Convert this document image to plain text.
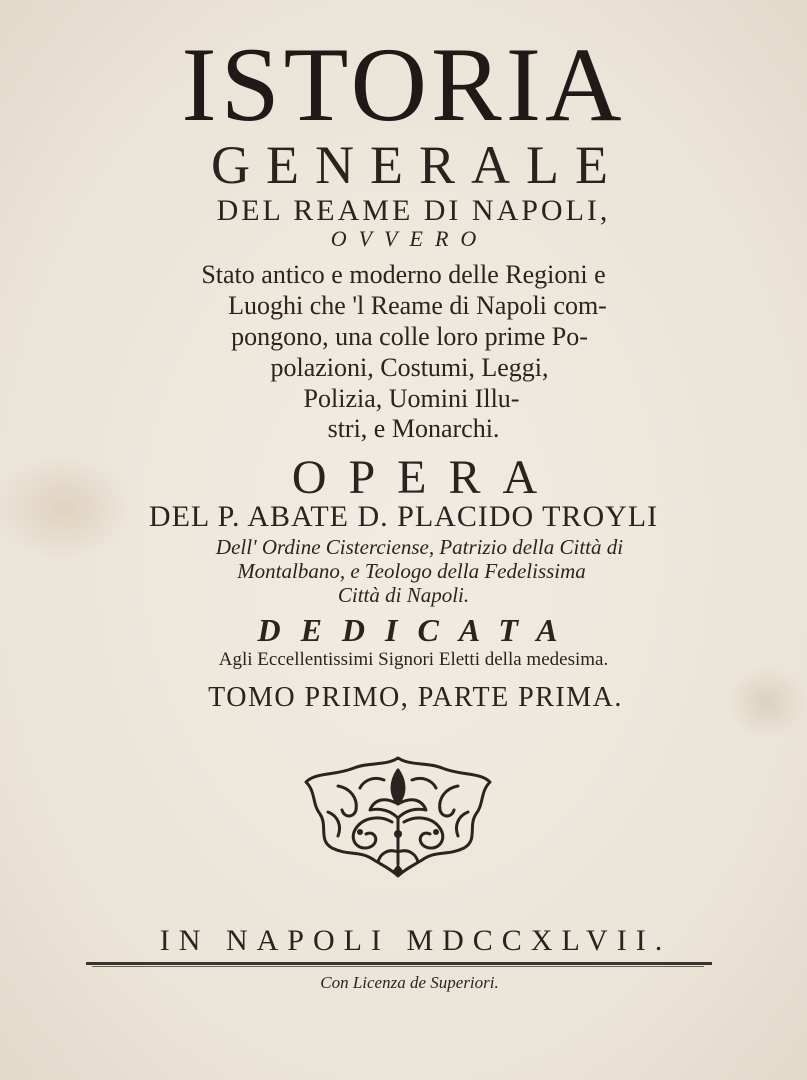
ISTORIA
GENERALE
DEL REAME DI NAPOLI,
OVVERO
Stato antico e moderno delle Regioni e
Luoghi che 'l Reame di Napoli com-
pongono, una colle loro prime Po-
polazioni, Costumi, Leggi,
Polizia, Uomini Illu-
stri, e Monarchi.
OPERA
DEL P. ABATE D. PLACIDO TROYLI
Dell' Ordine Cisterciense, Patrizio della Città di
Montalbano, e Teologo della Fedelissima
Città di Napoli.
DEDICATA
Agli Eccellentissimi Signori Eletti della medesima.
TOMO PRIMO, PARTE PRIMA.
IN NAPOLI MDCCXLVII.
Con Licenza de Superiori.
